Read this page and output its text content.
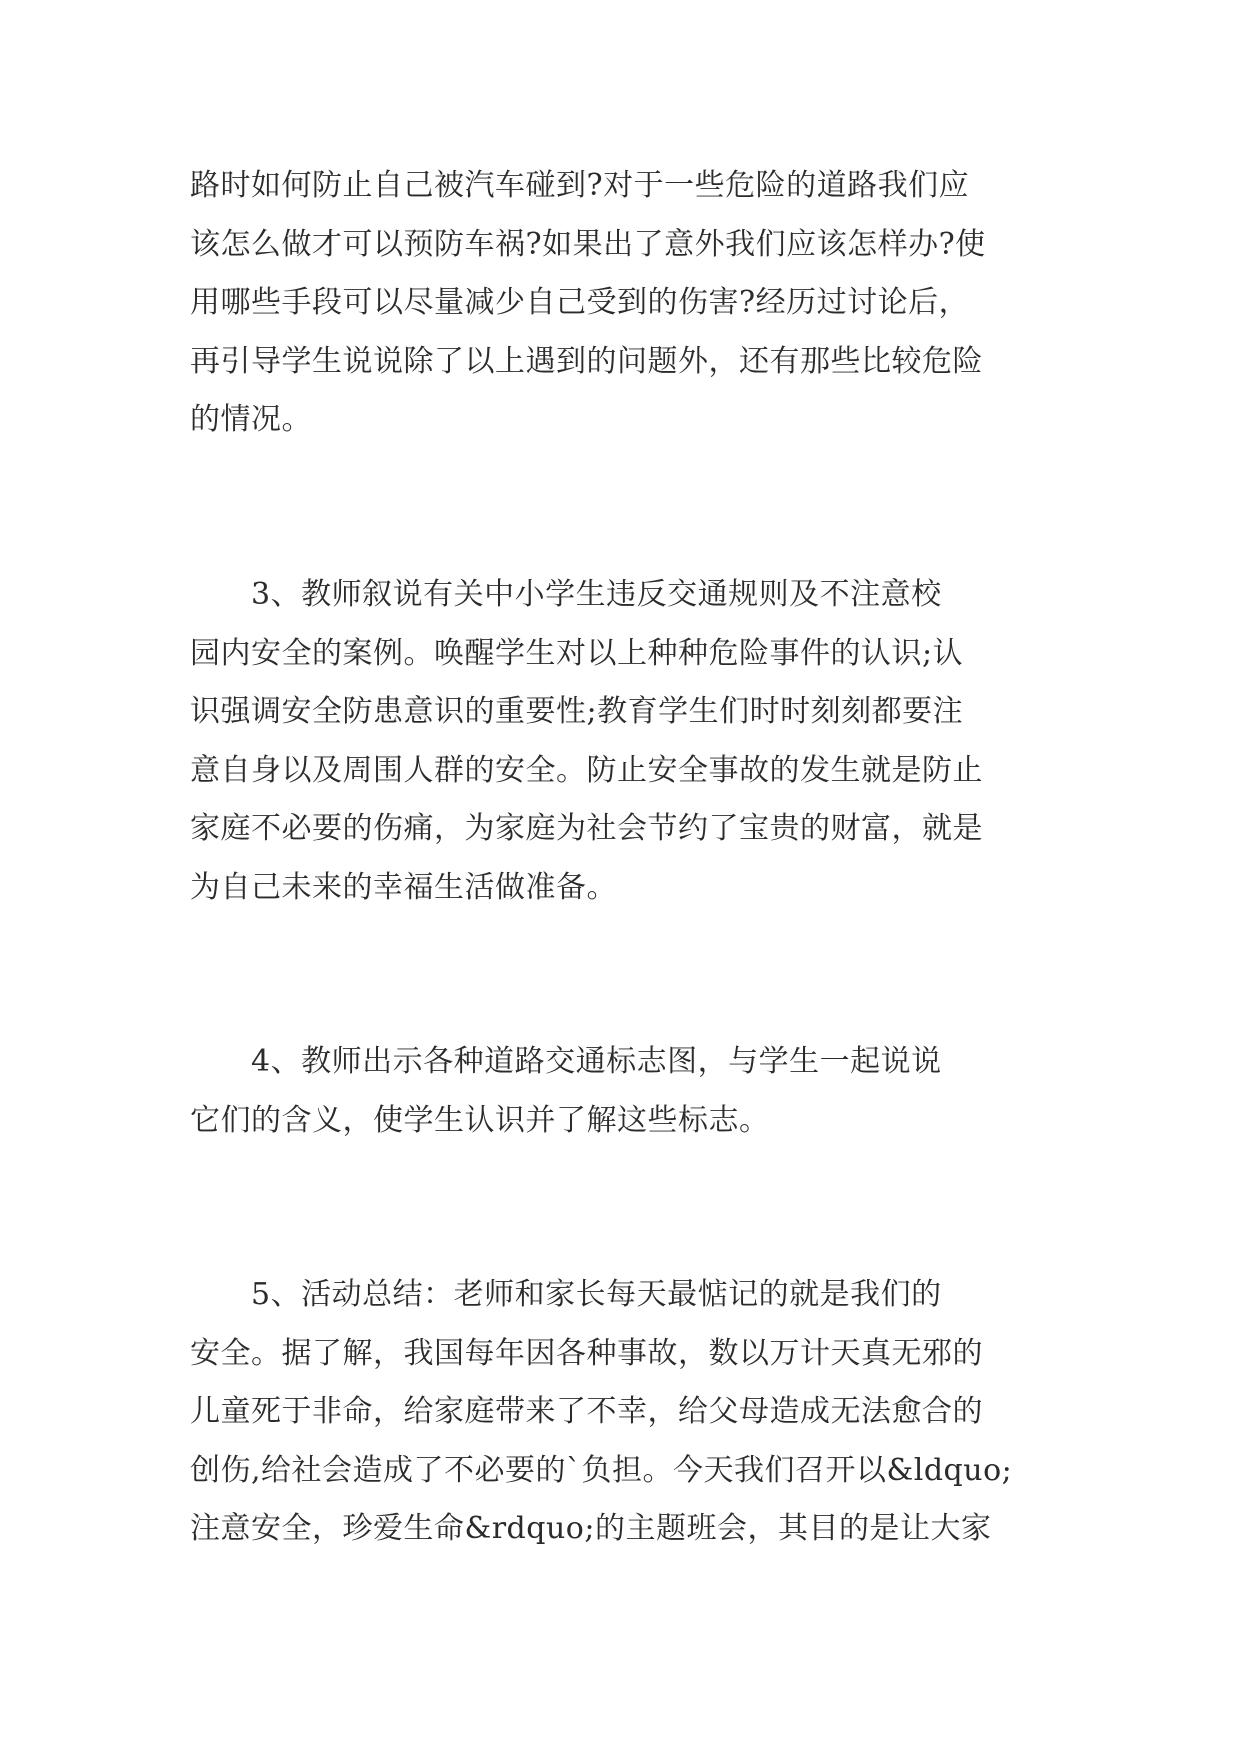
路时如何防止自己被汽车碰到?对于一些危险的道路我们应
该怎么做才可以预防车祸?如果出了意外我们应该怎样办?使
用哪些手段可以尽量减少自己受到的伤害?经历过讨论后，
再引导学生说说除了以上遇到的问题外，还有那些比较危险
的情况。
　　3、教师叙说有关中小学生违反交通规则及不注意校
园内安全的案例。唤醒学生对以上种种危险事件的认识;认
识强调安全防患意识的重要性;教育学生们时时刻刻都要注
意自身以及周围人群的安全。防止安全事故的发生就是防止
家庭不必要的伤痛，为家庭为社会节约了宝贵的财富，就是
为自己未来的幸福生活做准备。
　　4、教师出示各种道路交通标志图，与学生一起说说
它们的含义，使学生认识并了解这些标志。
　　5、活动总结：老师和家长每天最惦记的就是我们的
安全。据了解，我国每年因各种事故，数以万计天真无邪的
儿童死于非命，给家庭带来了不幸，给父母造成无法愈合的
创伤,给社会造成了不必要的`负担。今天我们召开以&ldquo;
注意安全，珍爱生命&rdquo;的主题班会，其目的是让大家
